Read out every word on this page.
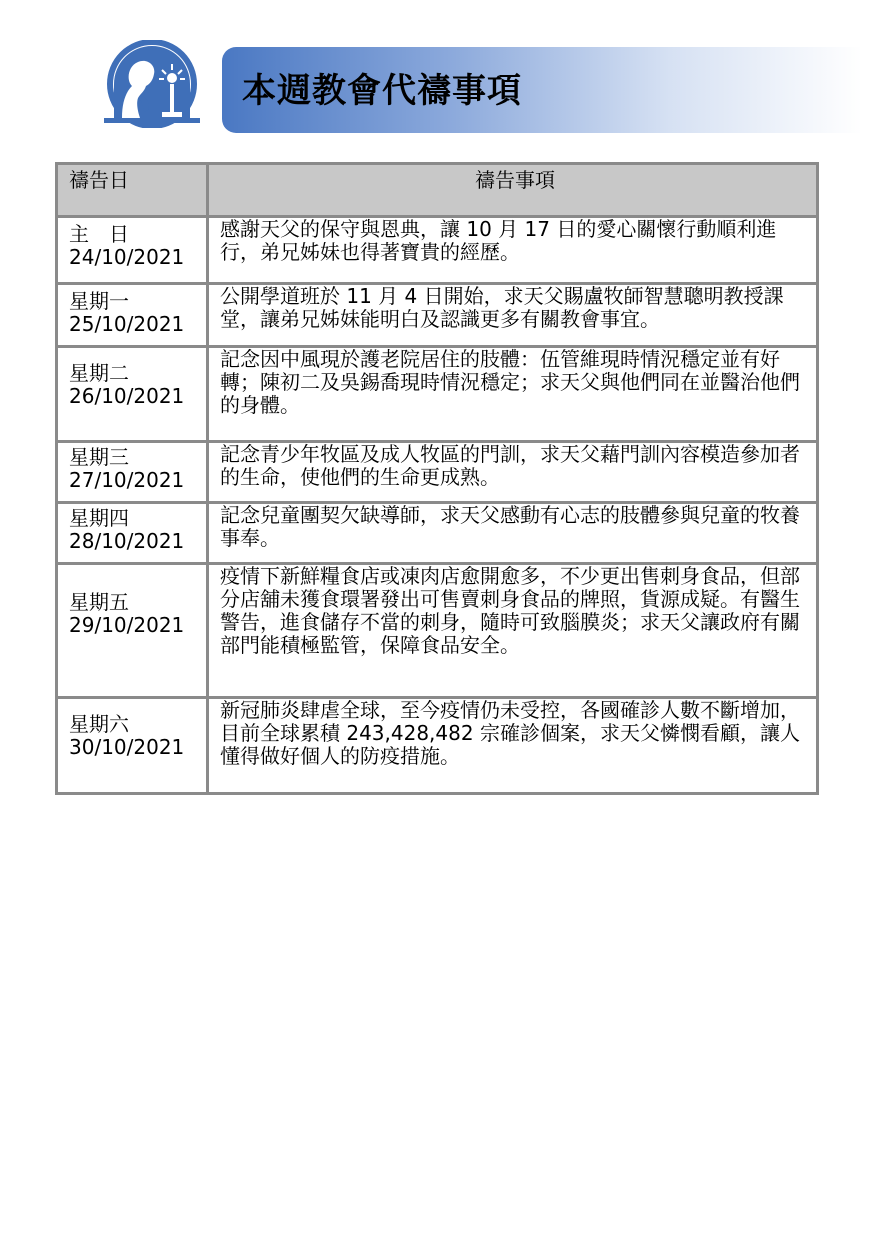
本週教會代禱事項
禱告日	禱告事項

主　日
24/10/2021	感謝天父的保守與恩典，讓 10 月 17 日的愛心關懷行動順利進行，弟兄姊妹也得著寶貴的經歷。

星期一
25/10/2021	公開學道班於 11 月 4 日開始，求天父賜盧牧師智慧聰明教授課堂，讓弟兄姊妹能明白及認識更多有關教會事宜。

星期二
26/10/2021	記念因中風現於護老院居住的肢體：伍管維現時情況穩定並有好轉；陳初二及吳錫喬現時情況穩定；求天父與他們同在並醫治他們的身體。

星期三
27/10/2021	記念青少年牧區及成人牧區的門訓，求天父藉門訓內容模造參加者的生命，使他們的生命更成熟。

星期四
28/10/2021	記念兒童團契欠缺導師，求天父感動有心志的肢體參與兒童的牧養事奉。

星期五
29/10/2021	疫情下新鮮糧食店或凍肉店愈開愈多，不少更出售刺身食品，但部分店舖未獲食環署發出可售賣刺身食品的牌照，貨源成疑。有醫生警告，進食儲存不當的刺身，隨時可致腦膜炎；求天父讓政府有關部門能積極監管，保障食品安全。

星期六
30/10/2021	新冠肺炎肆虐全球，至今疫情仍未受控，各國確診人數不斷增加，目前全球累積 243,428,482 宗確診個案，求天父憐憫看顧，讓人懂得做好個人的防疫措施。
